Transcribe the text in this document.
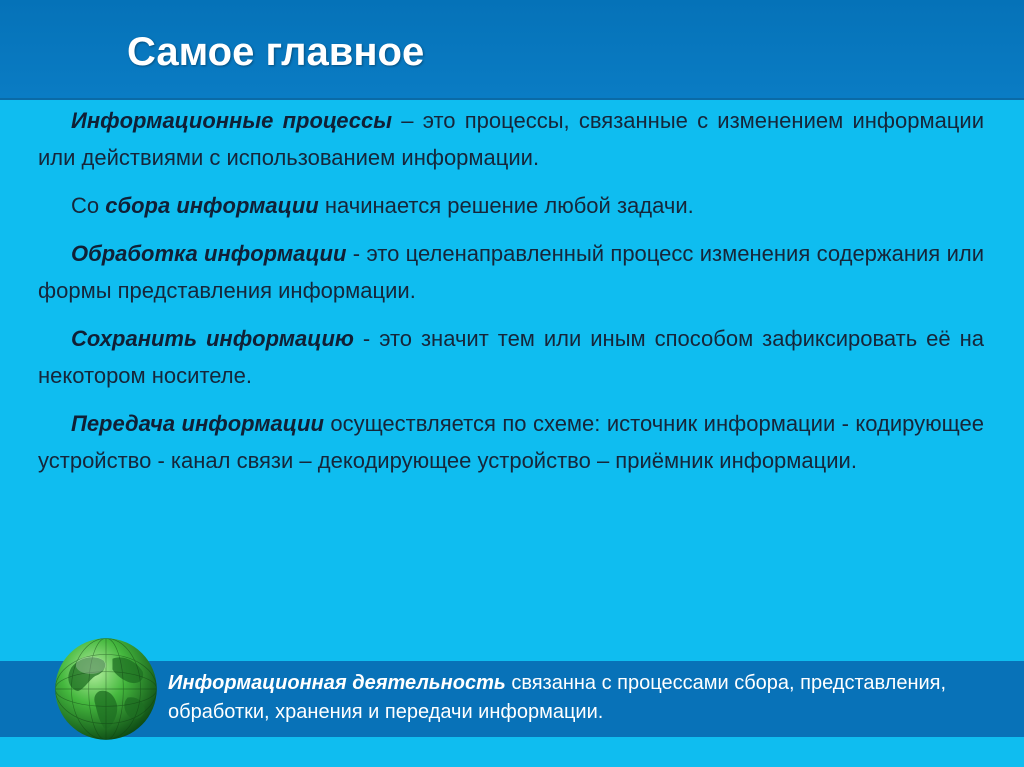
Самое главное

Информационные процессы – это процессы, связанные с изменением информации или действиями с использованием информации.

Со сбора информации начинается решение любой задачи.

Обработка информации - это целенаправленный процесс изменения содержания или формы представления информации.

Сохранить информацию - это значит тем или иным способом зафиксировать её на некотором носителе.

Передача информации осуществляется по схеме: источник информации - кодирующее устройство - канал связи – декодирующее устройство – приёмник информации.

Информационная деятельность связанна с процессами сбора, представления, обработки, хранения и передачи информации.
